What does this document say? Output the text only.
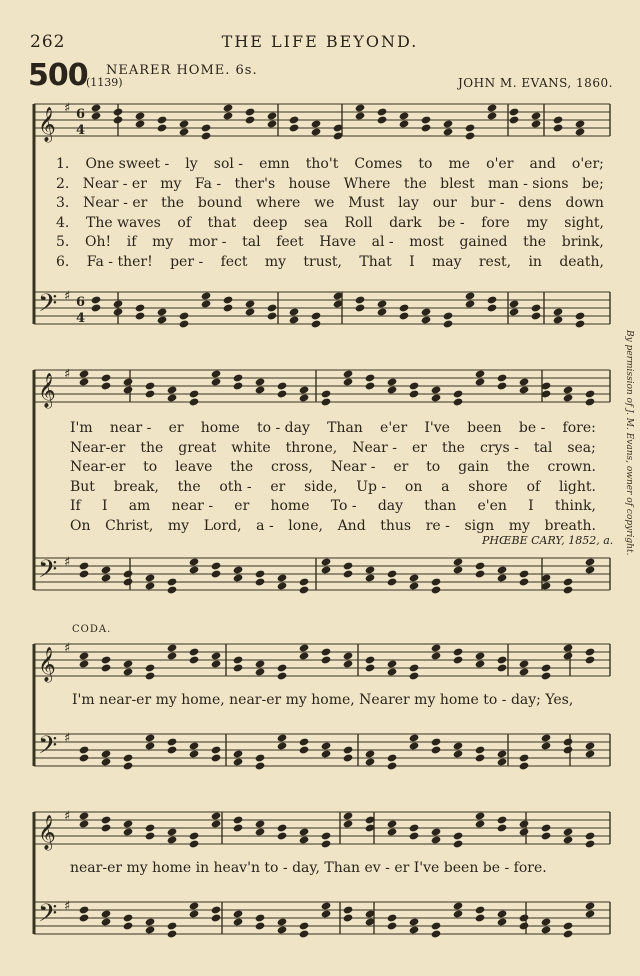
262	THE LIFE BEYOND.
500
(1139)
NEARER HOME. 6s.
JOHN M. EVANS, 1860.
𝄞 ♯ 6
4
𝄢 ♯ 6
4
1. One sweet - ly sol - emn tho't Comes to me o'er and o'er;
2. Near - er my Fa - ther's house Where the blest man - sions be;
3. Near - er the bound where we Must lay our bur - dens down
4. The waves of that deep sea Roll dark be - fore my sight,
5. Oh! if my mor - tal feet Have al - most gained the brink,
6. Fa - ther! per - fect my trust, That I may rest, in death,
𝄞 ♯
𝄢 ♯
I'm near - er home to - day Than e'er I've been be - fore:
Near-er the great white throne, Near - er the crys - tal sea;
Near-er to leave the cross, Near - er to gain the crown.
But break, the oth - er side, Up - on a shore of light.
If I am near - er home To - day than e'en I think,
On Christ, my Lord, a - lone, And thus re - sign my breath.
PHŒBE CARY, 1852, a.	By permission of J. M. Evans, owner of copyright.
CODA.
𝄞 ♯
𝄢 ♯
I'm near-er my home, near-er my home, Nearer my home to - day; Yes,
𝄞 ♯
𝄢 ♯
near-er my home in heav'n to - day, Than ev - er I've been be - fore.
